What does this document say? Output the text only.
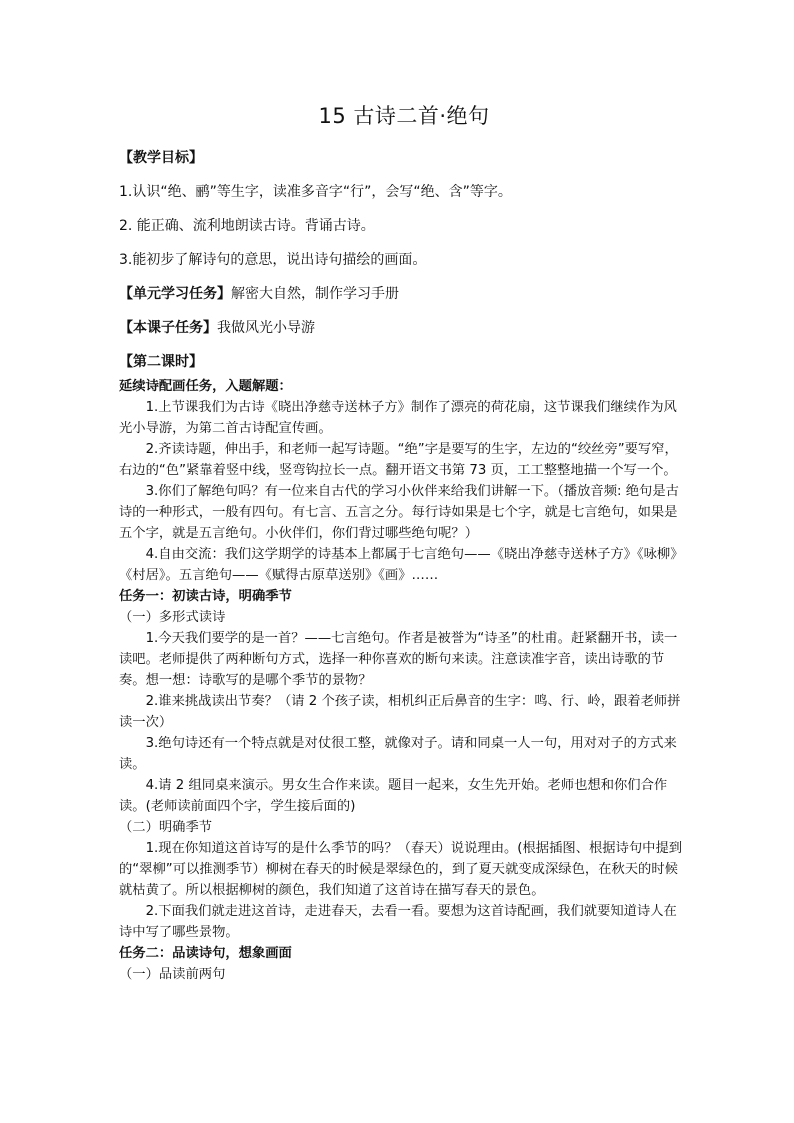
15 古诗二首·绝句
【教学目标】
1.认识“绝、鹂”等生字，读准多音字“行”，会写“绝、含”等字。
2. 能正确、流利地朗读古诗。背诵古诗。
3.能初步了解诗句的意思，说出诗句描绘的画面。
【单元学习任务】解密大自然，制作学习手册
【本课子任务】我做风光小导游
【第二课时】

延续诗配画任务，入题解题：

1.上节课我们为古诗《晓出净慈寺送林子方》制作了漂亮的荷花扇，这节课我们继续作为风光小导游，为第二首古诗配宣传画。

2.齐读诗题，伸出手，和老师一起写诗题。“绝”字是要写的生字，左边的“绞丝旁”要写窄，右边的“色”紧靠着竖中线，竖弯钩拉长一点。翻开语文书第 73 页，工工整整地描一个写一个。

3.你们了解绝句吗？有一位来自古代的学习小伙伴来给我们讲解一下。（播放音频: 绝句是古诗的一种形式，一般有四句。有七言、五言之分。每行诗如果是七个字，就是七言绝句，如果是五个字，就是五言绝句。小伙伴们，你们背过哪些绝句呢？）

4.自由交流：我们这学期学的诗基本上都属于七言绝句——《晓出净慈寺送林子方》《咏柳》《村居》。五言绝句——《赋得古原草送别》《画》……

任务一：初读古诗，明确季节

（一）多形式读诗

1.今天我们要学的是一首？——七言绝句。作者是被誉为“诗圣”的杜甫。赶紧翻开书，读一读吧。老师提供了两种断句方式，选择一种你喜欢的断句来读。注意读准字音，读出诗歌的节奏。想一想：诗歌写的是哪个季节的景物？

2.谁来挑战读出节奏？（请 2 个孩子读，相机纠正后鼻音的生字：鸣、行、岭，跟着老师拼读一次）

3.绝句诗还有一个特点就是对仗很工整，就像对子。请和同桌一人一句，用对对子的方式来读。

4.请 2 组同桌来演示。男女生合作来读。题目一起来，女生先开始。老师也想和你们合作读。(老师读前面四个字，学生接后面的)

（二）明确季节

1.现在你知道这首诗写的是什么季节的吗？（春天）说说理由。(根据插图、根据诗句中提到的“翠柳”可以推测季节）柳树在春天的时候是翠绿色的，到了夏天就变成深绿色，在秋天的时候就枯黄了。所以根据柳树的颜色，我们知道了这首诗在描写春天的景色。

2.下面我们就走进这首诗，走进春天，去看一看。要想为这首诗配画，我们就要知道诗人在诗中写了哪些景物。

任务二：品读诗句，想象画面

（一）品读前两句
